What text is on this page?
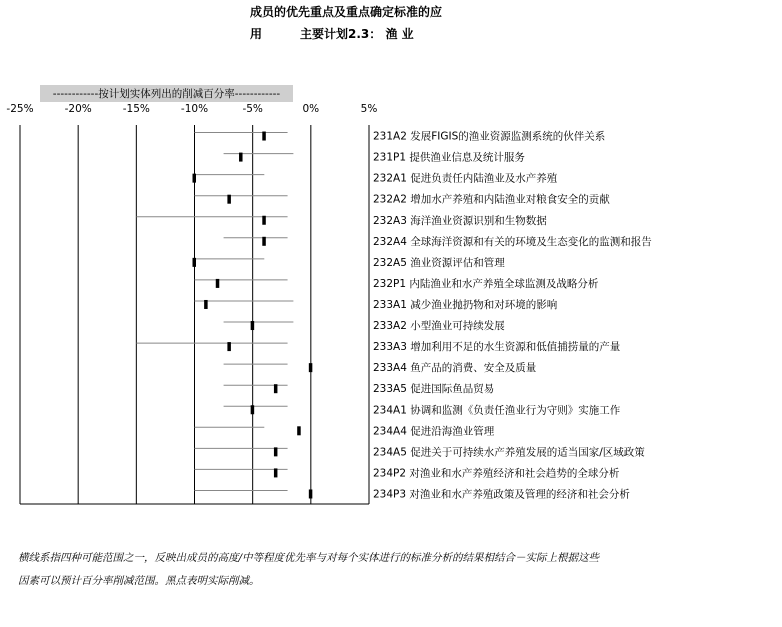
成员的优先重点及重点确定标准的应
用	主要计划2.3： 渔 业
------------按计划实体列出的削减百分率------------
-25%	-20%	-15%	-10%	-5%	0%	5%
231A2 发展FIGIS的渔业资源监测系统的伙伴关系
231P1 提供渔业信息及统计服务
232A1 促进负责任内陆渔业及水产养殖
232A2 增加水产养殖和内陆渔业对粮食安全的贡献
232A3 海洋渔业资源识别和生物数据
232A4 全球海洋资源和有关的环境及生态变化的监测和报告
232A5 渔业资源评估和管理
232P1 内陆渔业和水产养殖全球监测及战略分析
233A1 减少渔业抛扔物和对环境的影响
233A2 小型渔业可持续发展
233A3 增加利用不足的水生资源和低值捕捞量的产量
233A4 鱼产品的消费、安全及质量
233A5 促进国际鱼品贸易
234A1 协调和监测《负责任渔业行为守则》实施工作
234A4 促进沿海渔业管理
234A5 促进关于可持续水产养殖发展的适当国家/区域政策
234P2 对渔业和水产养殖经济和社会趋势的全球分析
234P3 对渔业和水产养殖政策及管理的经济和社会分析
横线系指四种可能范围之一，反映出成员的高度/中等程度优先率与对每个实体进行的标准分析的结果相结合－实际上根据这些
因素可以预计百分率削减范围。黑点表明实际削减。
